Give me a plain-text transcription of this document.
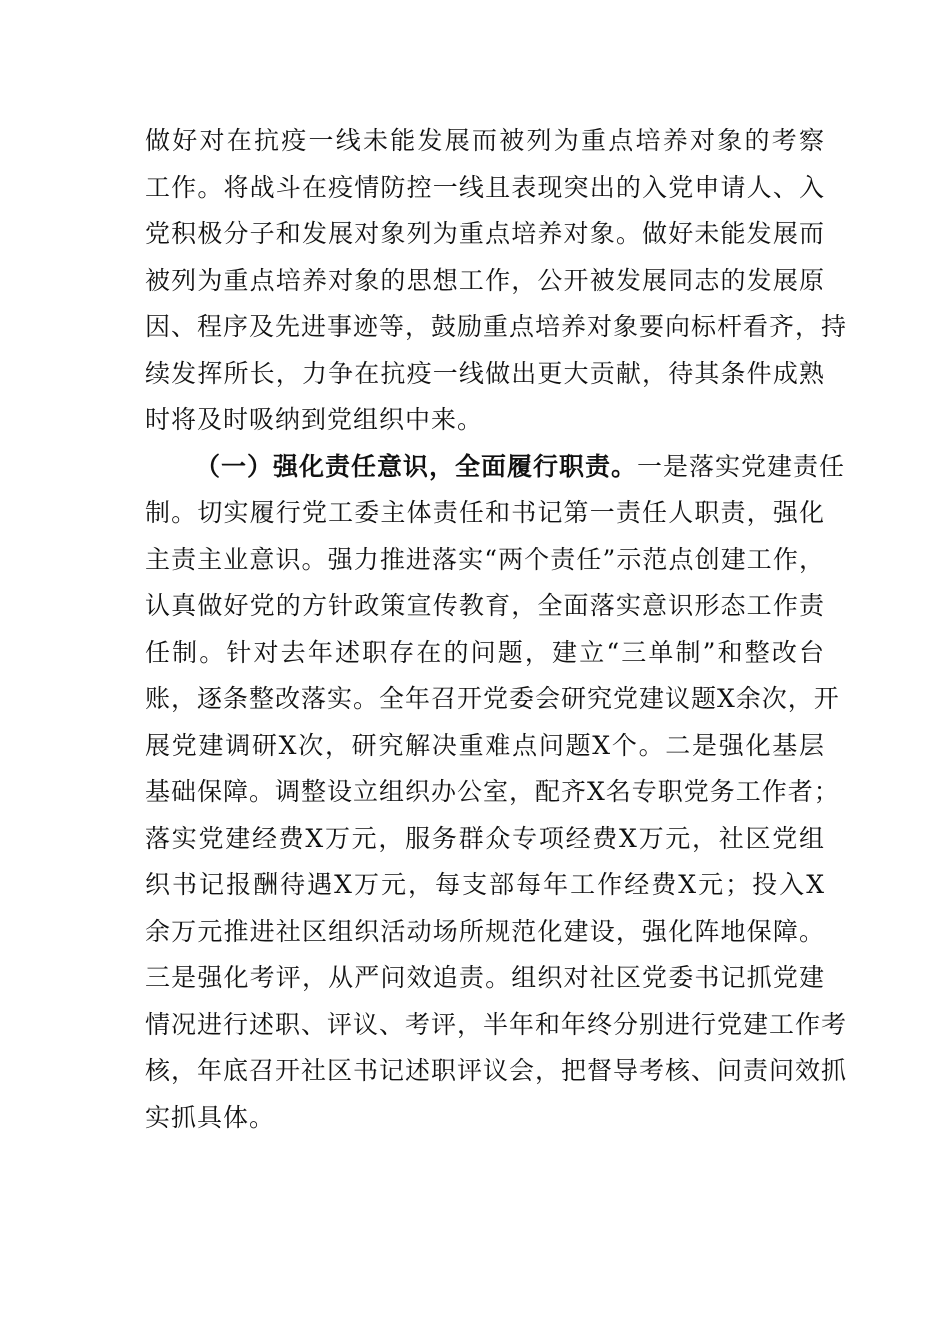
做好对在抗疫一线未能发展而被列为重点培养对象的考察
工作。将战斗在疫情防控一线且表现突出的入党申请人、入
党积极分子和发展对象列为重点培养对象。做好未能发展而
被列为重点培养对象的思想工作，公开被发展同志的发展原
因、程序及先进事迹等，鼓励重点培养对象要向标杆看齐，持
续发挥所长，力争在抗疫一线做出更大贡献，待其条件成熟
时将及时吸纳到党组织中来。
（一）强化责任意识，全面履行职责。一是落实党建责任
制。切实履行党工委主体责任和书记第一责任人职责，强化
主责主业意识。强力推进落实“两个责任”示范点创建工作，
认真做好党的方针政策宣传教育，全面落实意识形态工作责
任制。针对去年述职存在的问题，建立“三单制”和整改台
账，逐条整改落实。全年召开党委会研究党建议题X余次，开
展党建调研X次，研究解决重难点问题X个。二是强化基层
基础保障。调整设立组织办公室，配齐X名专职党务工作者；
落实党建经费X万元，服务群众专项经费X万元，社区党组
织书记报酬待遇X万元，每支部每年工作经费X元；投入X
余万元推进社区组织活动场所规范化建设，强化阵地保障。
三是强化考评，从严问效追责。组织对社区党委书记抓党建
情况进行述职、评议、考评，半年和年终分别进行党建工作考
核，年底召开社区书记述职评议会，把督导考核、问责问效抓
实抓具体。
